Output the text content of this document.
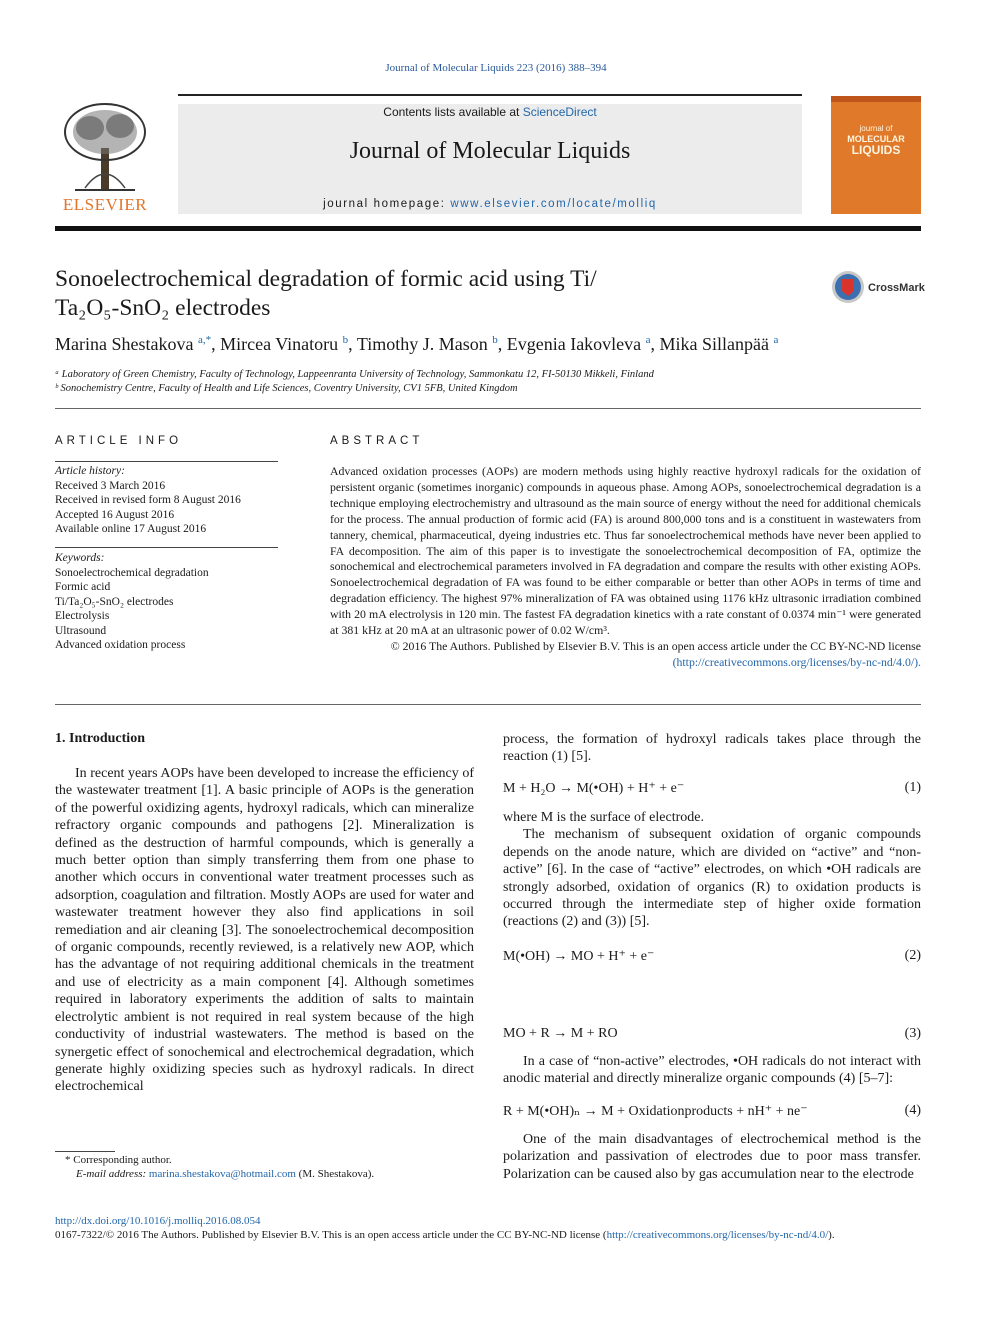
Journal of Molecular Liquids 223 (2016) 388–394
ELSEVIER
Contents lists available at ScienceDirect
Journal of Molecular Liquids
journal homepage: www.elsevier.com/locate/molliq
journal of
MOLECULAR
LIQUIDS
Sonoelectrochemical degradation of formic acid using Ti/
Ta₂O₅-SnO₂ electrodes
CrossMark
Marina Shestakova $^{a,*}$, Mircea Vinatoru $^b$, Timothy J. Mason $^b$, Evgenia Iakovleva $^a$, Mika Sillanpää $^a$
ᵃ Laboratory of Green Chemistry, Faculty of Technology, Lappeenranta University of Technology, Sammonkatu 12, FI-50130 Mikkeli, Finland
ᵇ Sonochemistry Centre, Faculty of Health and Life Sciences, Coventry University, CV1 5FB, United Kingdom
ARTICLE INFO	ABSTRACT
Article history:
Received 3 March 2016
Received in revised form 8 August 2016
Accepted 16 August 2016
Available online 17 August 2016
Keywords:
Sonoelectrochemical degradation
Formic acid
Ti/Ta₂O₅-SnO₂ electrodes
Electrolysis
Ultrasound
Advanced oxidation process

Advanced oxidation processes (AOPs) are modern methods using highly reactive hydroxyl radicals for the oxidation of persistent organic (sometimes inorganic) compounds in aqueous phase. Among AOPs, sonoelectrochemical degradation is a technique employing electrochemistry and ultrasound as the main source of energy without the need for additional chemicals for the process. The annual production of formic acid (FA) is around 800,000 tons and is a constituent in wastewaters from tannery, chemical, pharmaceutical, dyeing industries etc. Thus far sonoelectrochemical methods have never been applied to FA decomposition. The aim of this paper is to investigate the sonoelectrochemical decomposition of FA, optimize the sonochemical and electrochemical parameters involved in FA degradation and compare the results with other existing AOPs. Sonoelectrochemical degradation of FA was found to be either comparable or better than other AOPs in terms of time and degradation efficiency. The highest 97% mineralization of FA was obtained using 1176 kHz ultrasonic irradiation combined with 20 mA electrolysis in 120 min. The fastest FA degradation kinetics with a rate constant of 0.0374 min⁻¹ were generated at 381 kHz at 20 mA at an ultrasonic power of 0.02 W/cm³.

© 2016 The Authors. Published by Elsevier B.V. This is an open access article under the CC BY-NC-ND license
(http://creativecommons.org/licenses/by-nc-nd/4.0/).

1. Introduction

In recent years AOPs have been developed to increase the efficiency of the wastewater treatment [1]. A basic principle of AOPs is the generation of the powerful oxidizing agents, hydroxyl radicals, which can mineralize refractory organic compounds and pathogens [2]. Mineralization is defined as the destruction of harmful compounds, which is generally a much better option than simply transferring them from one phase to another which occurs in conventional water treatment processes such as adsorption, coagulation and filtration. Mostly AOPs are used for water and wastewater treatment however they also find applications in soil remediation and air cleaning [3]. The sonoelectrochemical decomposition of organic compounds, recently reviewed, is a relatively new AOP, which has the advantage of not requiring additional chemicals in the treatment and use of electricity as a main component [4]. Although sometimes required in laboratory experiments the addition of salts to maintain electrolytic ambient is not required in real system because of the high conductivity of industrial wastewaters. The method is based on the synergetic effect of sonochemical and electrochemical degradation, which generate highly oxidizing species such as hydroxyl radicals. In direct electrochemical

process, the formation of hydroxyl radicals takes place through the reaction (1) [5].

M + H₂O → M(•OH) + H⁺ + e⁻	(1)

where M is the surface of electrode.

The mechanism of subsequent oxidation of organic compounds depends on the anode nature, which are divided on “active” and “non-active” [6]. In the case of “active” electrodes, on which •OH radicals are strongly adsorbed, oxidation of organics (R) to oxidation products is occurred through the intermediate step of higher oxide formation (reactions (2) and (3)) [5].

M(•OH) → MO + H⁺ + e⁻	(2)
MO + R → M + RO	(3)

In a case of “non-active” electrodes, •OH radicals do not interact with anodic material and directly mineralize organic compounds (4) [5–7]:

R + M(•OH)ₙ → M + Oxidationproducts + nH⁺ + ne⁻	(4)

One of the main disadvantages of electrochemical method is the polarization and passivation of electrodes due to poor mass transfer. Polarization can be caused also by gas accumulation near to the electrode

* Corresponding author.
E-mail address: marina.shestakova@hotmail.com (M. Shestakova).
http://dx.doi.org/10.1016/j.molliq.2016.08.054
0167-7322/© 2016 The Authors. Published by Elsevier B.V. This is an open access article under the CC BY-NC-ND license (http://creativecommons.org/licenses/by-nc-nd/4.0/).
